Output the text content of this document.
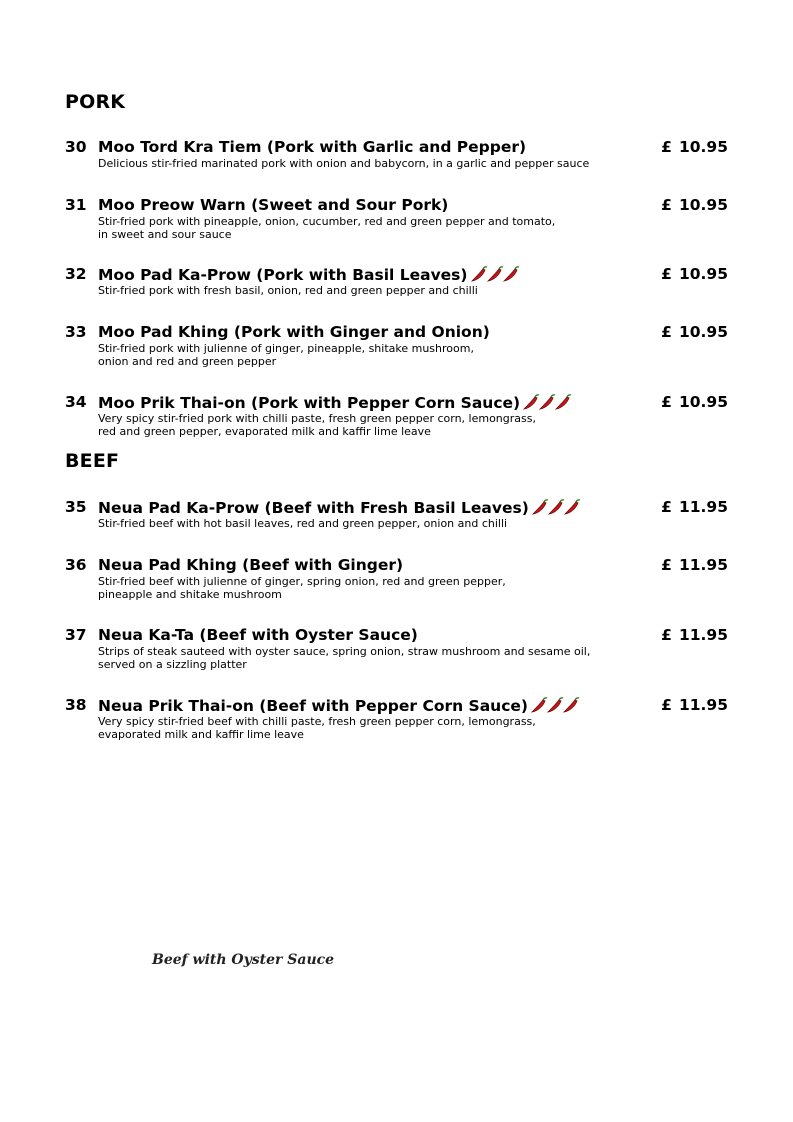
PORK
30 Moo Tord Kra Tiem (Pork with Garlic and Pepper)	£ 10.95
Delicious stir-fried marinated pork with onion and babycorn, in a garlic and pepper sauce
31 Moo Preow Warn (Sweet and Sour Pork)	£ 10.95
Stir-fried pork with pineapple, onion, cucumber, red and green pepper and tomato,
in sweet and sour sauce
32 Moo Pad Ka-Prow (Pork with Basil Leaves)	£ 10.95
Stir-fried pork with fresh basil, onion, red and green pepper and chilli
33 Moo Pad Khing (Pork with Ginger and Onion)	£ 10.95
Stir-fried pork with julienne of ginger, pineapple, shitake mushroom,
onion and red and green pepper
34 Moo Prik Thai-on (Pork with Pepper Corn Sauce)	£ 10.95
Very spicy stir-fried pork with chilli paste, fresh green pepper corn, lemongrass,
red and green pepper, evaporated milk and kaffir lime leave
BEEF
35 Neua Pad Ka-Prow (Beef with Fresh Basil Leaves)	£ 11.95
Stir-fried beef with hot basil leaves, red and green pepper, onion and chilli
36 Neua Pad Khing (Beef with Ginger)	£ 11.95
Stir-fried beef with julienne of ginger, spring onion, red and green pepper,
pineapple and shitake mushroom
37 Neua Ka-Ta (Beef with Oyster Sauce)	£ 11.95
Strips of steak sauteed with oyster sauce, spring onion, straw mushroom and sesame oil,
served on a sizzling platter
38 Neua Prik Thai-on (Beef with Pepper Corn Sauce)	£ 11.95
Very spicy stir-fried beef with chilli paste, fresh green pepper corn, lemongrass,
evaporated milk and kaffir lime leave
Beef with Oyster Sauce
